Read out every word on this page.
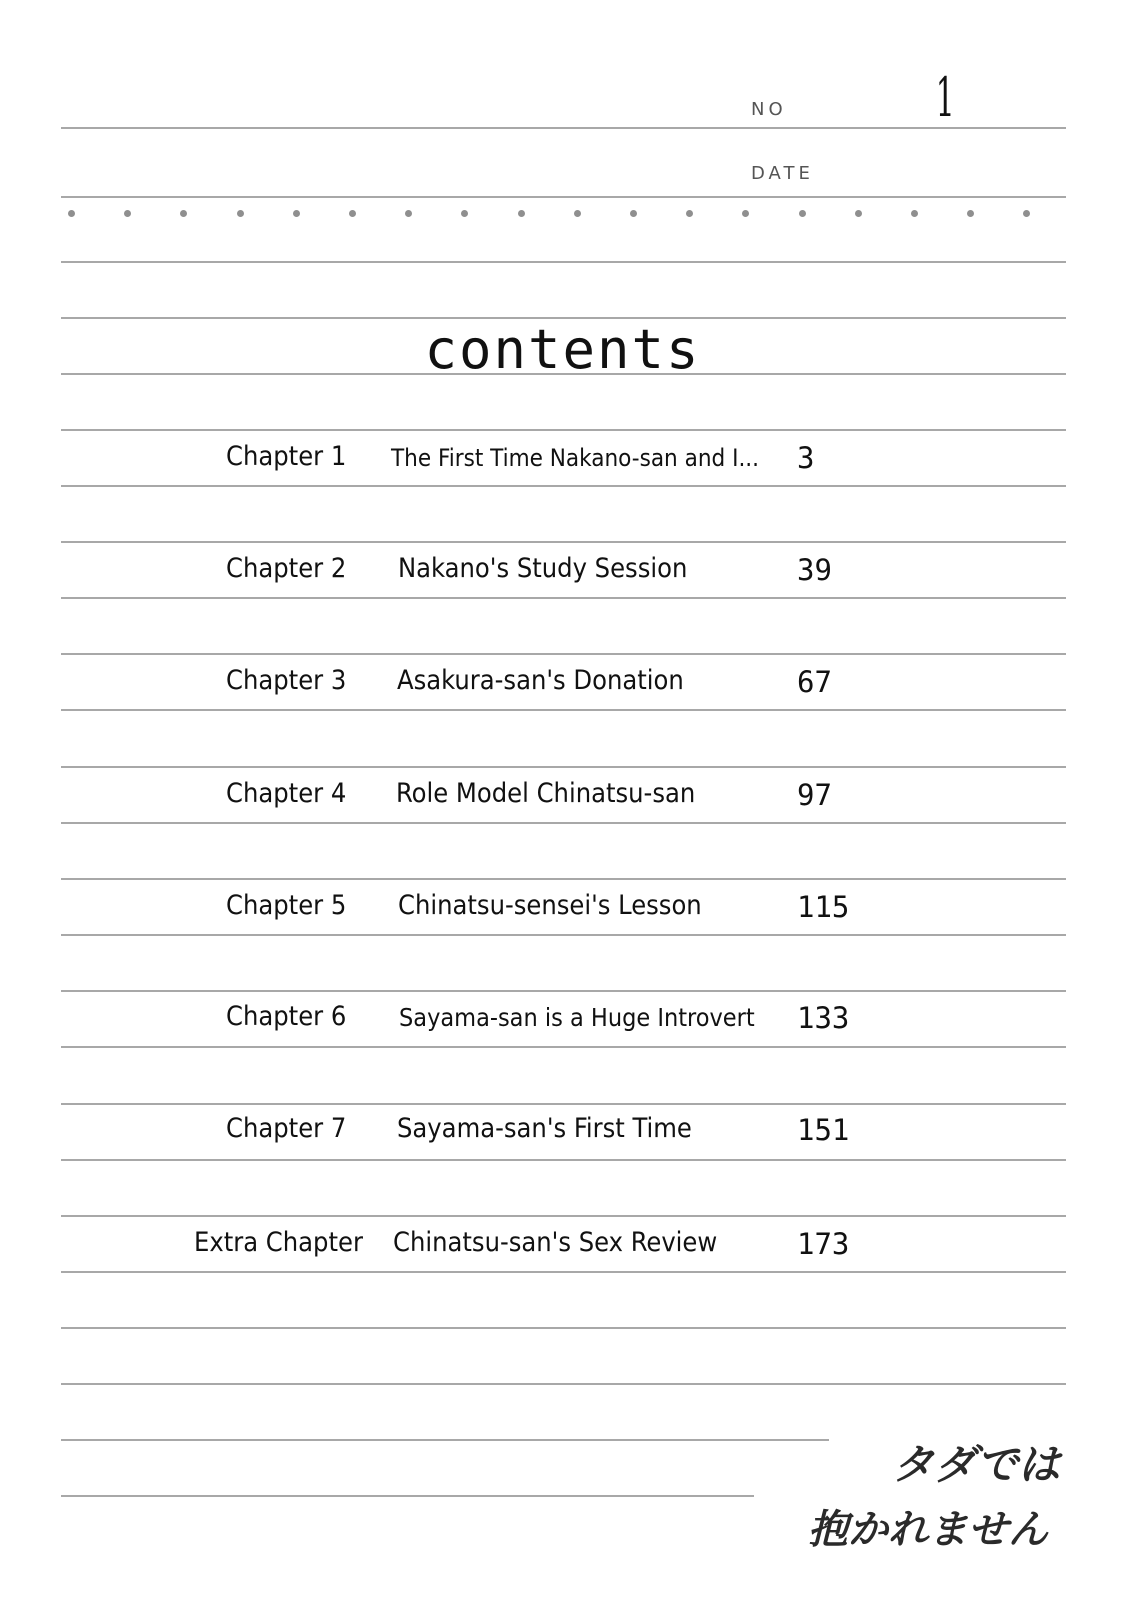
NO	1
DATE
contents
Chapter 1 The First Time Nakano-san and I... 3
Chapter 2 Nakano's Study Session	39
Chapter 3 Asakura-san's Donation	67
Chapter 4 Role Model Chinatsu-san	97
Chapter 5 Chinatsu-sensei's Lesson	115
Chapter 6 Sayama-san is a Huge Introvert 133
Chapter 7 Sayama-san's First Time	151
Extra Chapter Chinatsu-san's Sex Review	173
タダでは
抱かれません
